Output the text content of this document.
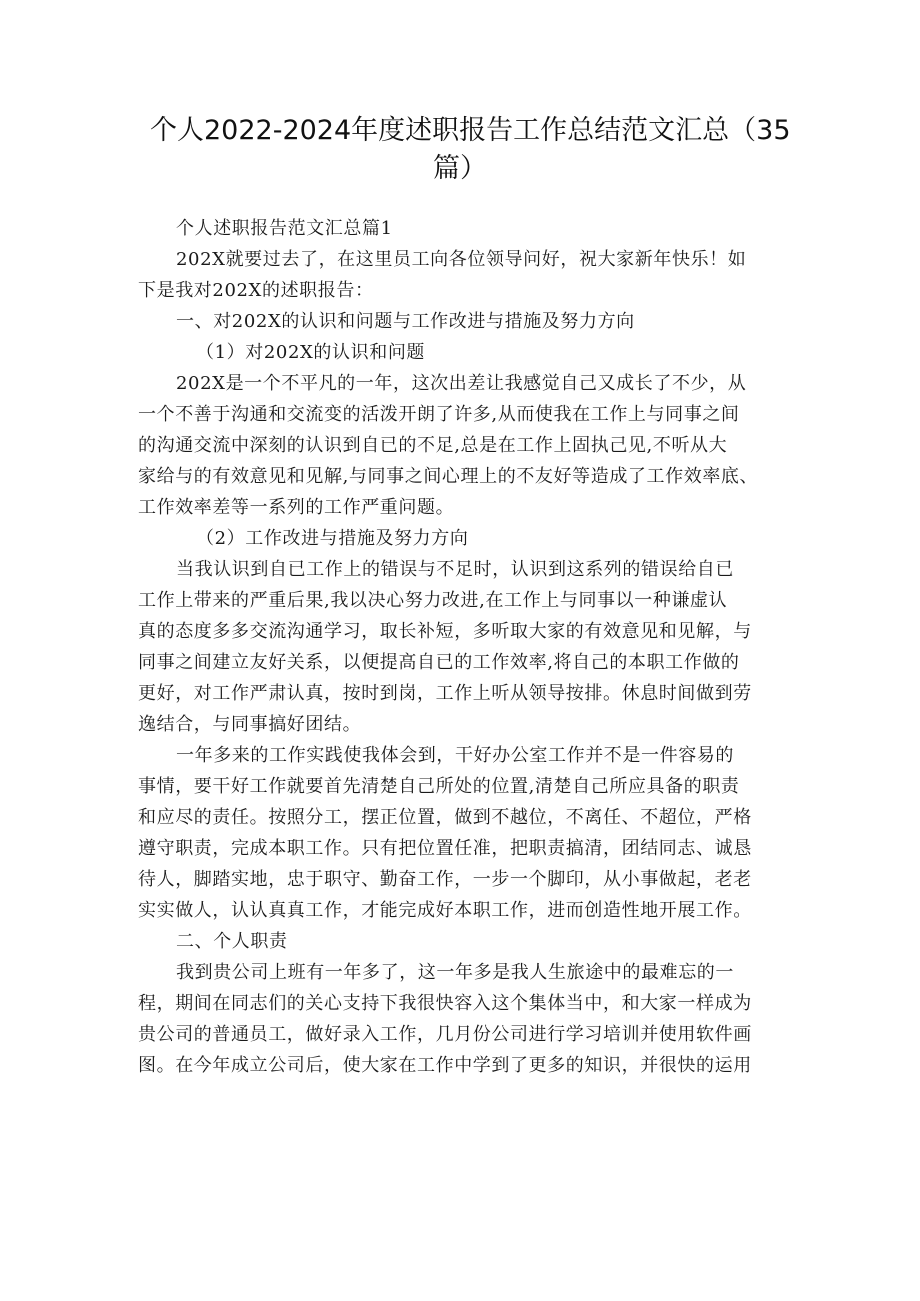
个人2022-2024年度述职报告工作总结范文汇总（35
篇）
个人述职报告范文汇总篇1
202X就要过去了，在这里员工向各位领导问好，祝大家新年快乐！如
下是我对202X的述职报告：
一、对202X的认识和问题与工作改进与措施及努力方向
（1）对202X的认识和问题
202X是一个不平凡的一年，这次出差让我感觉自己又成长了不少，从
一个不善于沟通和交流变的活泼开朗了许多,从而使我在工作上与同事之间
的沟通交流中深刻的认识到自已的不足,总是在工作上固执己见,不听从大
家给与的有效意见和见解,与同事之间心理上的不友好等造成了工作效率底、
工作效率差等一系列的工作严重问题。
（2）工作改进与措施及努力方向
当我认识到自已工作上的错误与不足时，认识到这系列的错误给自已
工作上带来的严重后果,我以决心努力改进,在工作上与同事以一种谦虚认
真的态度多多交流沟通学习，取长补短，多听取大家的有效意见和见解，与
同事之间建立友好关系，以便提高自已的工作效率,将自己的本职工作做的
更好，对工作严肃认真，按时到岗，工作上听从领导按排。休息时间做到劳
逸结合，与同事搞好团结。
一年多来的工作实践使我体会到，干好办公室工作并不是一件容易的
事情，要干好工作就要首先清楚自己所处的位置,清楚自己所应具备的职责
和应尽的责任。按照分工，摆正位置，做到不越位，不离任、不超位，严格
遵守职责，完成本职工作。只有把位置任准，把职责搞清，团结同志、诚恳
待人，脚踏实地，忠于职守、勤奋工作，一步一个脚印，从小事做起，老老
实实做人，认认真真工作，才能完成好本职工作，进而创造性地开展工作。
二、个人职责
我到贵公司上班有一年多了，这一年多是我人生旅途中的最难忘的一
程，期间在同志们的关心支持下我很快容入这个集体当中，和大家一样成为
贵公司的普通员工，做好录入工作，几月份公司进行学习培训并使用软件画
图。在今年成立公司后，使大家在工作中学到了更多的知识，并很快的运用
